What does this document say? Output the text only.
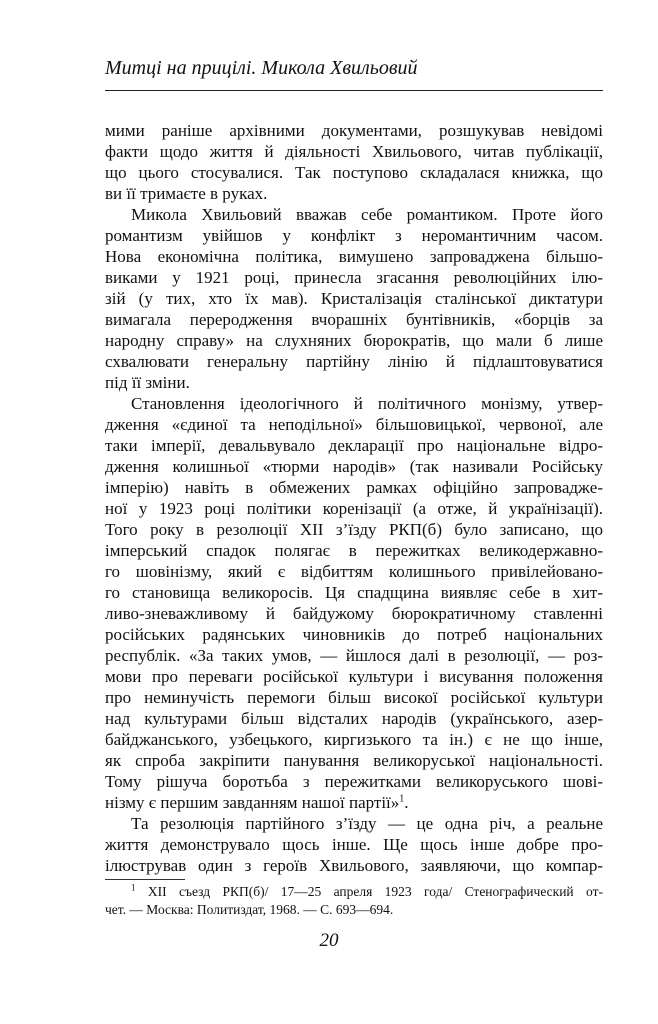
Митці на прицілі. Микола Хвильовий

мими раніше архівними документами, розшукував невідомі

факти щодо життя й діяльності Хвильового, читав публікації,

що цього стосувалися. Так поступово складалася книжка, що

ви її тримаєте в руках.

Микола Хвильовий вважав себе романтиком. Проте його

романтизм увійшов у конфлікт з неромантичним часом.

Нова економічна політика, вимушено запроваджена більшо-

виками у 1921 році, принесла згасання революційних ілю-

зій (у тих, хто їх мав). Кристалізація сталінської диктатури

вимагала переродження вчорашніх бунтівників, «борців за

народну справу» на слухняних бюрократів, що мали б лише

схвалювати генеральну партійну лінію й підлаштовуватися

під її зміни.

Становлення ідеологічного й політичного монізму, утвер-

дження «єдиної та неподільної» більшовицької, червоної, але

таки імперії, девальвувало декларації про національне відро-

дження колишньої «тюрми народів» (так називали Російську

імперію) навіть в обмежених рамках офіційно запроваджe-

ної у 1923 році політики коренізації (а отже, й українізації).

Того року в резолюції XII з’їзду РКП(б) було записано, що

імперський спадок полягає в пережитках великодержавно-

го шовінізму, який є відбиттям колишнього привілейовано-

го становища великоросів. Ця спадщина виявляє себе в хит-

ливо-зневажливому й байдужому бюрократичному ставленні

російських радянських чиновників до потреб національних

республік. «За таких умов, — йшлося далі в резолюції, — роз-

мови про переваги російської культури і висування положення

про неминучість перемоги більш високої російської культури

над культурами більш відсталих народів (українського, азер-

байджанського, узбецького, киргизького та ін.) є не що інше,

як спроба закріпити панування великоруської національності.

Тому рішуча боротьба з пережитками великоруського шові-

нізму є першим завданням нашої партії»$^1$.

Та резолюція партійного з’їзду — це одна річ, а реальне

життя демонструвало щось інше. Ще щось інше добре про-

ілюстрував один з героїв Хвильового, заявляючи, що компар-

$^1$ XII съезд РКП(б)/ 17—25 апреля 1923 года/ Стенографический от-

чет. — Москва: Политиздат, 1968. — С. 693—694.

20
